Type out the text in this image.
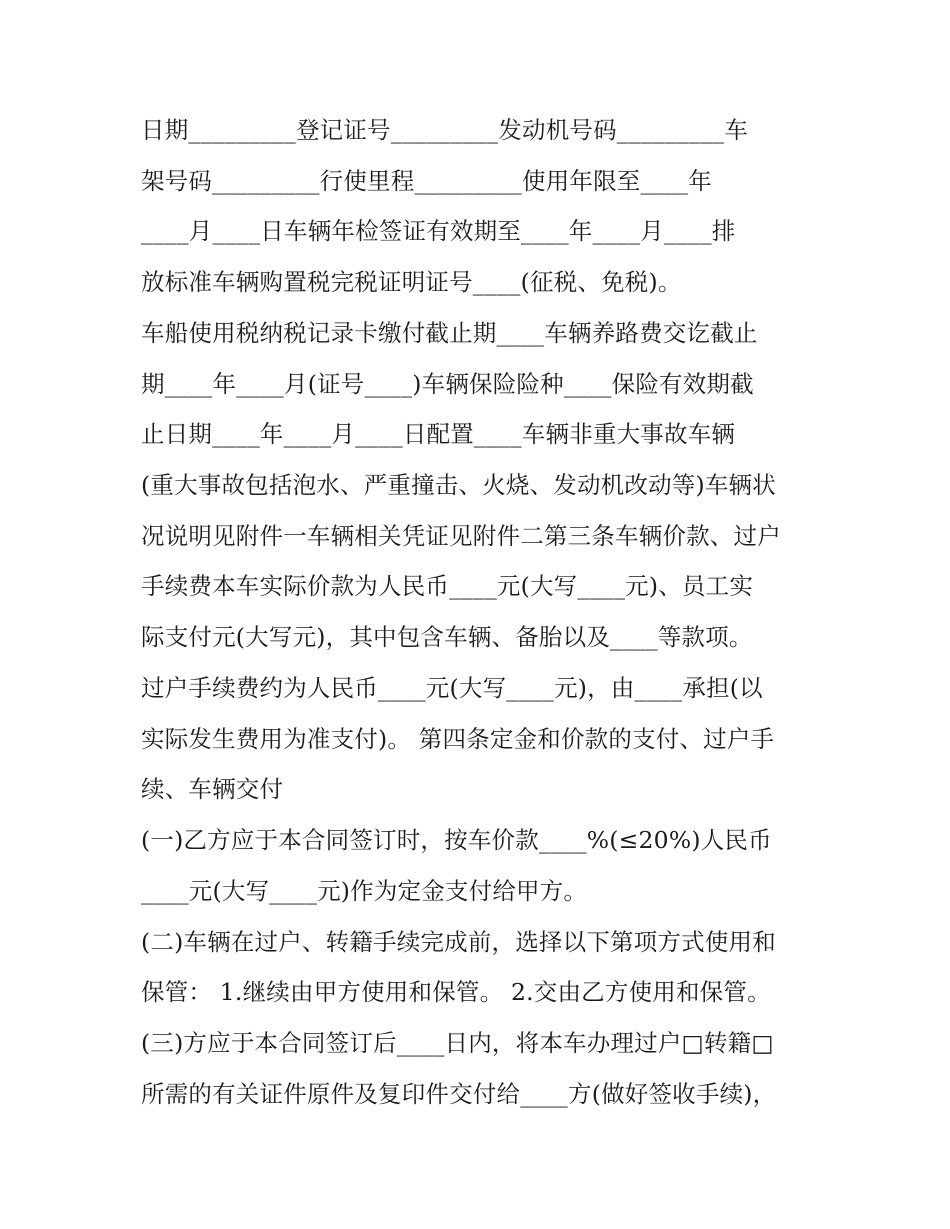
日期_________登记证号_________发动机号码_________车

架号码_________行使里程_________使用年限至____年

____月____日车辆年检签证有效期至____年____月____排

放标准车辆购置税完税证明证号____(征税、免税)。

车船使用税纳税记录卡缴付截止期____车辆养路费交讫截止

期____年____月(证号____)车辆保险险种____保险有效期截

止日期____年____月____日配置____车辆非重大事故车辆

(重大事故包括泡水、严重撞击、火烧、发动机改动等)车辆状

况说明见附件一车辆相关凭证见附件二第三条车辆价款、过户

手续费本车实际价款为人民币____元(大写____元)、员工实

际支付元(大写元)，其中包含车辆、备胎以及____等款项。

过户手续费约为人民币____元(大写____元)，由____承担(以

实际发生费用为准支付)。 第四条定金和价款的支付、过户手

续、车辆交付

(一)乙方应于本合同签订时，按车价款____%(≤20%)人民币

____元(大写____元)作为定金支付给甲方。

(二)车辆在过户、转籍手续完成前，选择以下第项方式使用和

保管： 1.继续由甲方使用和保管。 2.交由乙方使用和保管。

(三)方应于本合同签订后____日内，将本车办理过户□转籍□

所需的有关证件原件及复印件交付给____方(做好签收手续)，
